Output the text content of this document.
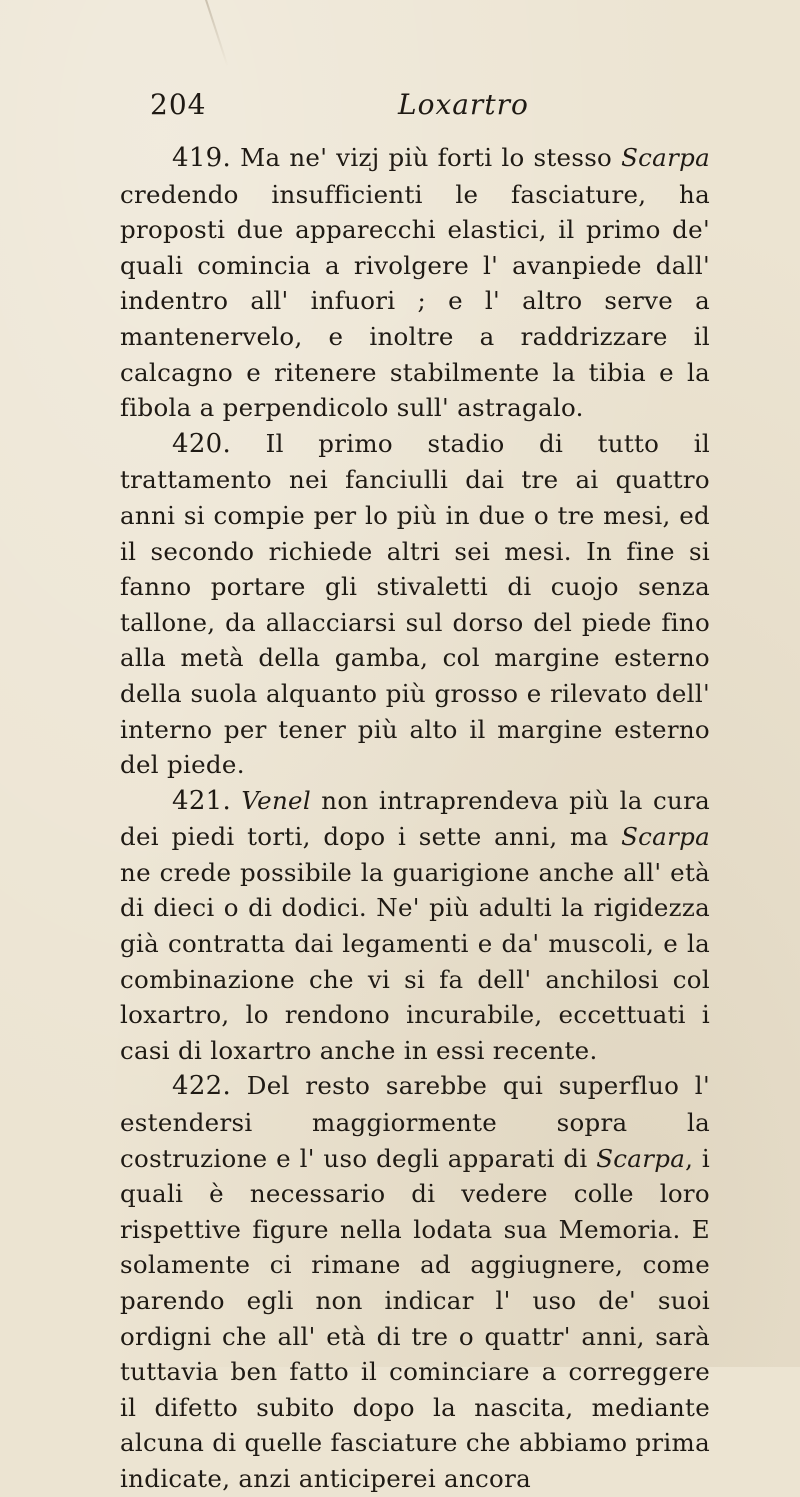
204	Loxartro

419. Ma ne' vizj più forti lo stesso Scarpa credendo insufficienti le fasciature, ha proposti due apparecchi elastici, il primo de' quali comincia a rivolgere l' avanpiede dall' indentro all' infuori ; e l' altro serve a mantenervelo, e inoltre a raddrizzare il calcagno e ritenere stabilmente la tibia e la fibola a perpendicolo sull' astragalo.

420. Il primo stadio di tutto il trattamento nei fanciulli dai tre ai quattro anni si compie per lo più in due o tre mesi, ed il secondo richiede altri sei mesi. In fine si fanno portare gli stivaletti di cuojo senza tallone, da allacciarsi sul dorso del piede fino alla metà della gamba, col margine esterno della suola alquanto più grosso e rilevato dell' interno per tener più alto il margine esterno del piede.

421. Venel non intraprendeva più la cura dei piedi torti, dopo i sette anni, ma Scarpa ne crede possibile la guarigione anche all' età di dieci o di dodici. Ne' più adulti la rigidezza già contratta dai legamenti e da' muscoli, e la combinazione che vi si fa dell' anchilosi col loxartro, lo rendono incurabile, eccettuati i casi di loxartro anche in essi recente.

422. Del resto sarebbe qui superfluo l' estendersi maggiormente sopra la costruzione e l' uso degli apparati di Scarpa, i quali è necessario di vedere colle loro rispettive figure nella lodata sua Memoria. E solamente ci rimane ad aggiugnere, come parendo egli non indicar l' uso de' suoi ordigni che all' età di tre o quattr' anni, sarà tuttavia ben fatto il cominciare a correggere il difetto subito dopo la nascita, mediante alcuna di quelle fasciature che abbiamo prima indicate, anzi anticiperei ancora
